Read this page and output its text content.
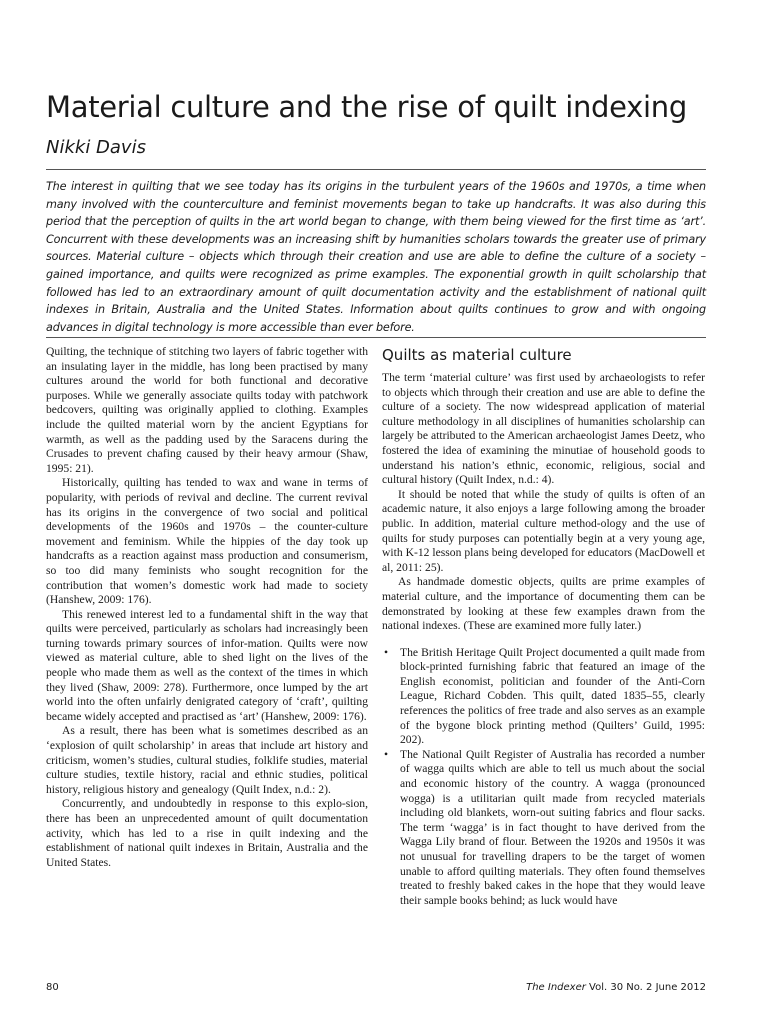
Material culture and the rise of quilt indexing

Nikki Davis

The interest in quilting that we see today has its origins in the turbulent years of the 1960s and 1970s, a time when many involved with the counterculture and feminist movements began to take up handcrafts. It was also during this period that the perception of quilts in the art world began to change, with them being viewed for the first time as ‘art’. Concurrent with these developments was an increasing shift by humanities scholars towards the greater use of primary sources. Material culture – objects which through their creation and use are able to define the culture of a society – gained importance, and quilts were recognized as prime examples. The exponential growth in quilt scholarship that followed has led to an extraordinary amount of quilt documentation activity and the establishment of national quilt indexes in Britain, Australia and the United States. Information about quilts continues to grow and with ongoing advances in digital technology is more accessible than ever before.

Quilting, the technique of stitching two layers of fabric together with an insulating layer in the middle, has long been practised by many cultures around the world for both functional and decorative purposes. While we generally associate quilts today with patchwork bedcovers, quilting was originally applied to clothing. Examples include the quilted material worn by the ancient Egyptians for warmth, as well as the padding used by the Saracens during the Crusades to prevent chafing caused by their heavy armour (Shaw, 1995: 21).

Historically, quilting has tended to wax and wane in terms of popularity, with periods of revival and decline. The current revival has its origins in the convergence of two social and political developments of the 1960s and 1970s – the counter-culture movement and feminism. While the hippies of the day took up handcrafts as a reaction against mass production and consumerism, so too did many feminists who sought recognition for the contribution that women’s domestic work had made to society (Hanshew, 2009: 176).

This renewed interest led to a fundamental shift in the way that quilts were perceived, particularly as scholars had increasingly been turning towards primary sources of infor-mation. Quilts were now viewed as material culture, able to shed light on the lives of the people who made them as well as the context of the times in which they lived (Shaw, 2009: 278). Furthermore, once lumped by the art world into the often unfairly denigrated category of ‘craft’, quilting became widely accepted and practised as ‘art’ (Hanshew, 2009: 176).

As a result, there has been what is sometimes described as an ‘explosion of quilt scholarship’ in areas that include art history and criticism, women’s studies, cultural studies, folklife studies, material culture studies, textile history, racial and ethnic studies, political history, religious history and genealogy (Quilt Index, n.d.: 2).

Concurrently, and undoubtedly in response to this explo-sion, there has been an unprecedented amount of quilt documentation activity, which has led to a rise in quilt indexing and the establishment of national quilt indexes in Britain, Australia and the United States.

Quilts as material culture

The term ‘material culture’ was first used by archaeologists to refer to objects which through their creation and use are able to define the culture of a society. The now widespread application of material culture methodology in all disciplines of humanities scholarship can largely be attributed to the American archaeologist James Deetz, who fostered the idea of examining the minutiae of household goods to understand his nation’s ethnic, economic, religious, social and cultural history (Quilt Index, n.d.: 4).

It should be noted that while the study of quilts is often of an academic nature, it also enjoys a large following among the broader public. In addition, material culture method-ology and the use of quilts for study purposes can potentially begin at a very young age, with K-12 lesson plans being developed for educators (MacDowell et al, 2011: 25).

As handmade domestic objects, quilts are prime examples of material culture, and the importance of documenting them can be demonstrated by looking at these few examples drawn from the national indexes. (These are examined more fully later.)

• The British Heritage Quilt Project documented a quilt made from block-printed furnishing fabric that featured an image of the English economist, politician and founder of the Anti-Corn League, Richard Cobden. This quilt, dated 1835–55, clearly references the politics of free trade and also serves as an example of the bygone block printing method (Quilters’ Guild, 1995: 202).
• The National Quilt Register of Australia has recorded a number of wagga quilts which are able to tell us much about the social and economic history of the country. A wagga (pronounced wogga) is a utilitarian quilt made from recycled materials including old blankets, worn-out suiting fabrics and flour sacks. The term ‘wagga’ is in fact thought to have derived from the Wagga Lily brand of flour. Between the 1920s and 1950s it was not unusual for travelling drapers to be the target of women unable to afford quilting materials. They often found themselves treated to freshly baked cakes in the hope that they would leave their sample books behind; as luck would have
80	The Indexer Vol. 30 No. 2 June 2012
